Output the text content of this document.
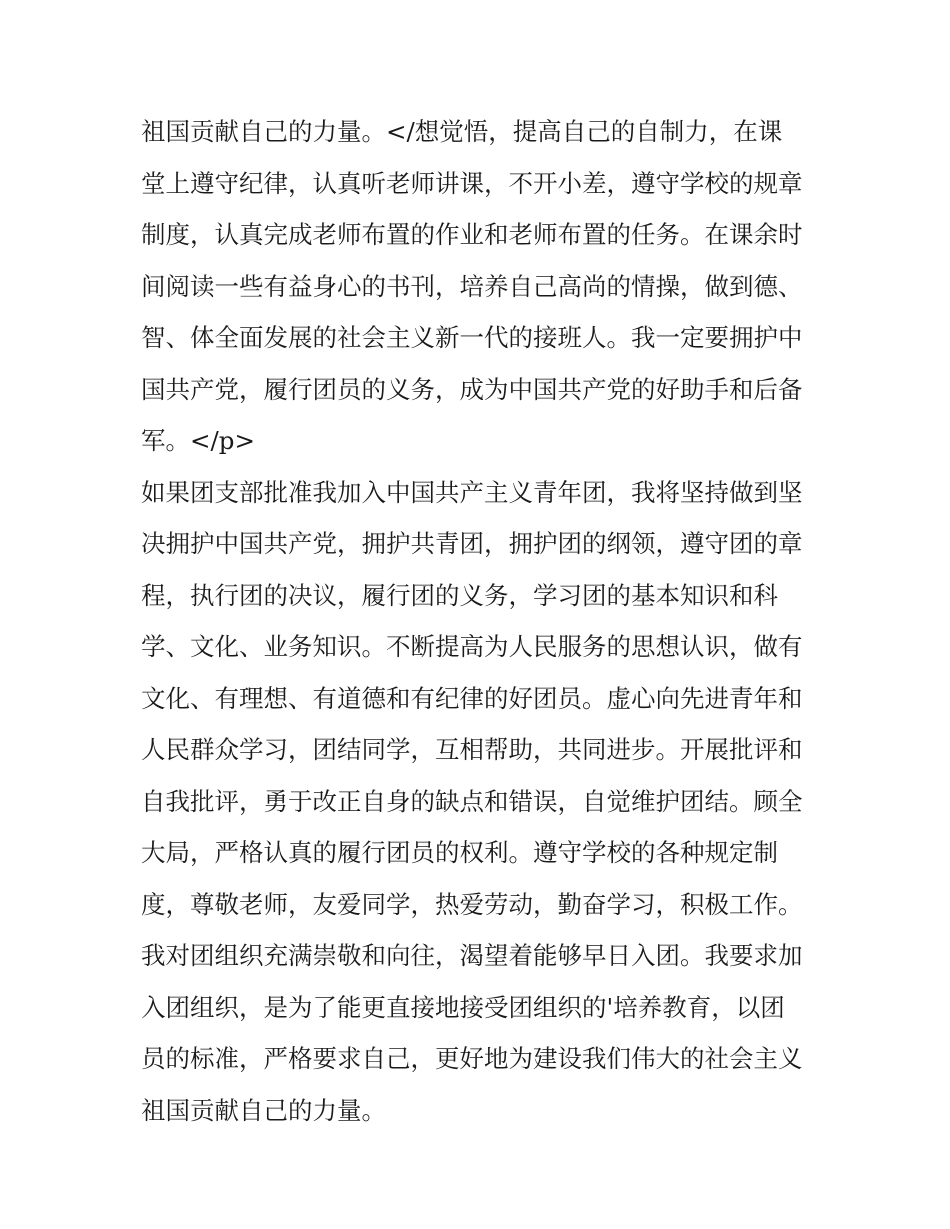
祖国贡献自己的力量。</想觉悟，提高自己的自制力，在课
堂上遵守纪律，认真听老师讲课，不开小差，遵守学校的规章
制度，认真完成老师布置的作业和老师布置的任务。在课余时
间阅读一些有益身心的书刊，培养自己高尚的情操，做到德、
智、体全面发展的社会主义新一代的接班人。我一定要拥护中
国共产党，履行团员的义务，成为中国共产党的好助手和后备
军。</p>
如果团支部批准我加入中国共产主义青年团，我将坚持做到坚
决拥护中国共产党，拥护共青团，拥护团的纲领，遵守团的章
程，执行团的决议，履行团的义务，学习团的基本知识和科
学、文化、业务知识。不断提高为人民服务的思想认识，做有
文化、有理想、有道德和有纪律的好团员。虚心向先进青年和
人民群众学习，团结同学，互相帮助，共同进步。开展批评和
自我批评，勇于改正自身的缺点和错误，自觉维护团结。顾全
大局，严格认真的履行团员的权利。遵守学校的各种规定制
度，尊敬老师，友爱同学，热爱劳动，勤奋学习，积极工作。
我对团组织充满崇敬和向往，渴望着能够早日入团。我要求加
入团组织，是为了能更直接地接受团组织的'培养教育，以团
员的标准，严格要求自己，更好地为建设我们伟大的社会主义
祖国贡献自己的力量。
